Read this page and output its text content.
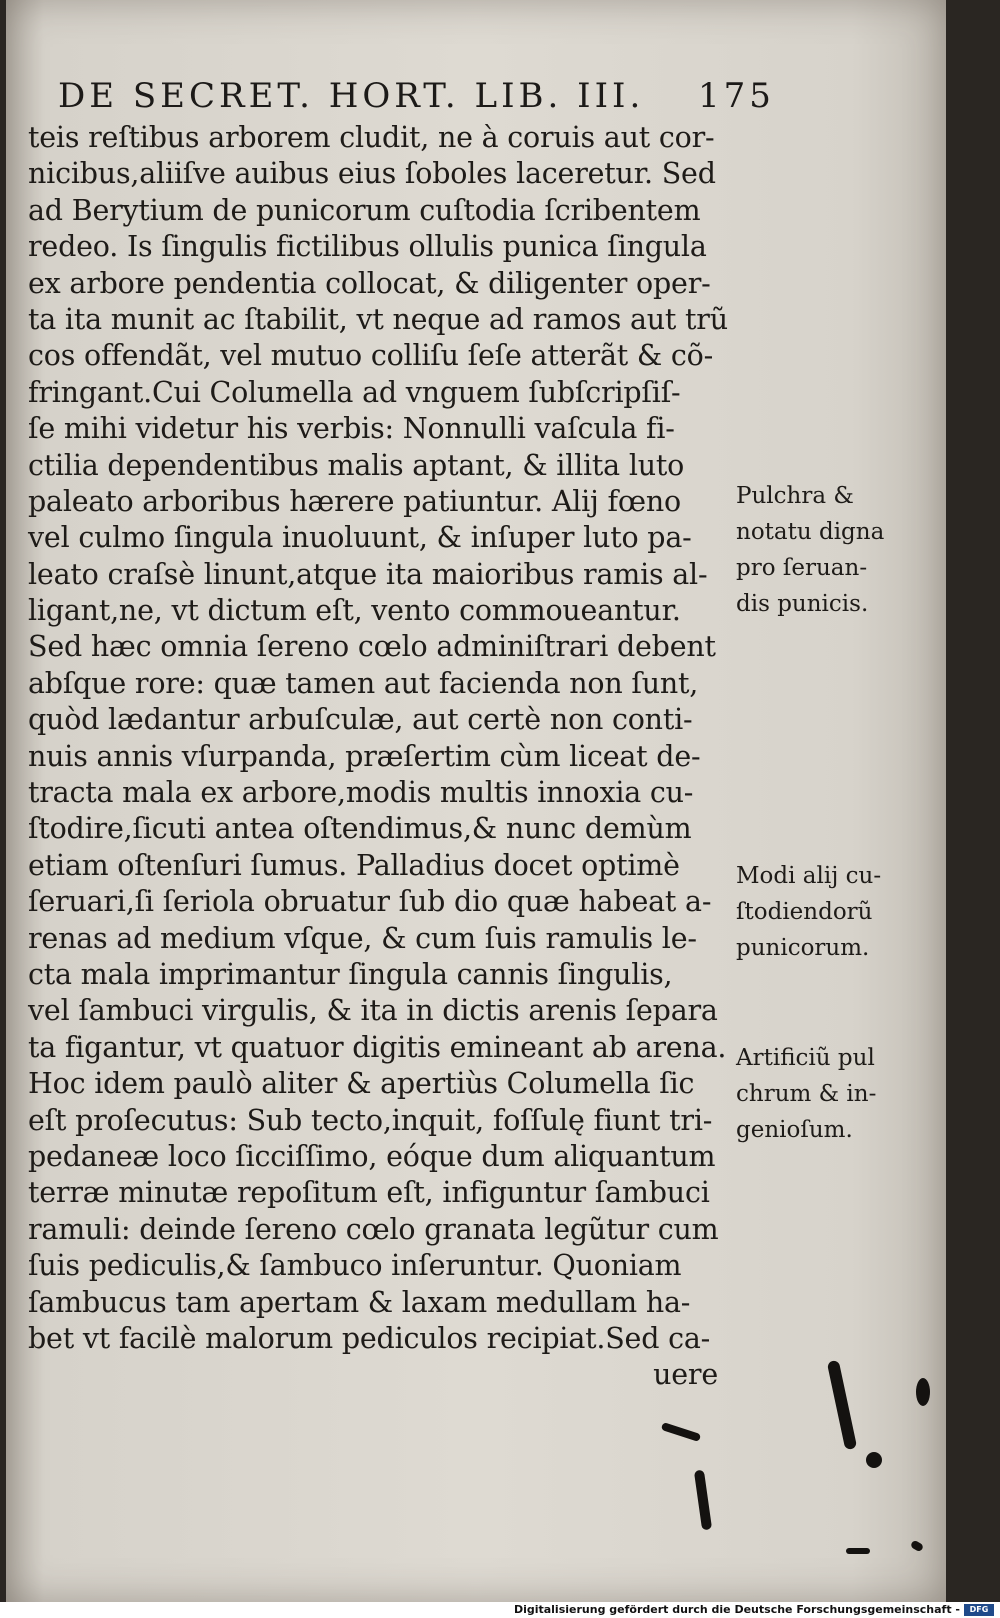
DE SECRET. HORT. LIB. III. 175
teis reſtibus arborem cludit, ne à coruis aut cor-
nicibus,aliiſve auibus eius ſoboles laceretur. Sed
ad Berytium de punicorum cuſtodia ſcribentem
redeo. Is ſingulis fictilibus ollulis punica ſingula
ex arbore pendentia collocat, & diligenter oper-
ta ita munit ac ſtabilit, vt neque ad ramos aut trũ
cos offendãt, vel mutuo colliſu ſeſe atterãt & cõ-
fringant.Cui Columella ad vnguem ſubſcripſiſ-
ſe mihi videtur his verbis: Nonnulli vaſcula fi-
ctilia dependentibus malis aptant, & illita luto
paleato arboribus hærere patiuntur. Alij fœno
vel culmo ſingula inuoluunt, & inſuper luto pa-
leato craſsè linunt,atque ita maioribus ramis al-
ligant,ne, vt dictum eſt, vento commoueantur.
Sed hæc omnia ſereno cœlo adminiſtrari debent
abſque rore: quæ tamen aut facienda non ſunt,
quòd lædantur arbuſculæ, aut certè non conti-
nuis annis vſurpanda, præſertim cùm liceat de-
tracta mala ex arbore,modis multis innoxia cu-
ſtodire,ſicuti antea oſtendimus,& nunc demùm
etiam oſtenſuri ſumus. Palladius docet optimè
ſeruari,ſi ſeriola obruatur ſub dio quæ habeat a-
renas ad medium vſque, & cum ſuis ramulis le-
cta mala imprimantur ſingula cannis ſingulis,
vel ſambuci virgulis, & ita in dictis arenis ſepara
ta figantur, vt quatuor digitis emineant ab arena.
Hoc idem paulò aliter & apertiùs Columella ſic
eſt proſecutus: Sub tecto,inquit, foſſulę fiunt tri-
pedaneæ loco ſicciſſimo, eóque dum aliquantum
terræ minutæ repoſitum eſt, infiguntur ſambuci
ramuli: deinde ſereno cœlo granata legũtur cum
ſuis pediculis,& ſambuco inſeruntur. Quoniam
ſambucus tam apertam & laxam medullam ha-
bet vt facilè malorum pediculos recipiat.Sed ca-
uere
Pulchra &
notatu digna
pro ſeruan-
dis punicis.
Modi alij cu-
ſtodiendorũ
punicorum.
Artificiũ pul
chrum & in-
genioſum.
Digitalisierung gefördert durch die Deutsche Forschungsgemeinschaft -	DFG
